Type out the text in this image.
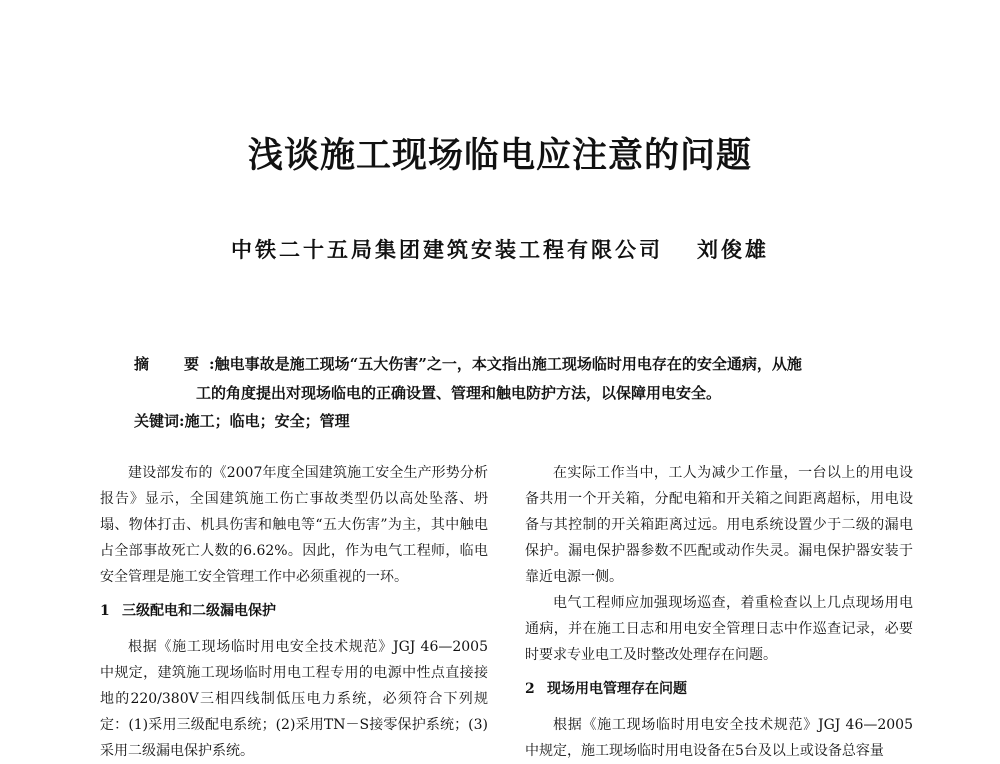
浅谈施工现场临电应注意的问题
中铁二十五局集团建筑安装工程有限公司 刘俊雄
摘　要:触电事故是施工现场“五大伤害”之一，本文指出施工现场临时用电存在的安全通病，从施
工的角度提出对现场临电的正确设置、管理和触电防护方法，以保障用电安全。
关键词:施工；临电；安全；管理

建设部发布的《2007年度全国建筑施工安全生产形势分析报告》显示，全国建筑施工伤亡事故类型仍以高处坠落、坍塌、物体打击、机具伤害和触电等“五大伤害”为主，其中触电占全部事故死亡人数的6.62%。因此，作为电气工程师，临电安全管理是施工安全管理工作中必须重视的一环。

1 三级配电和二级漏电保护

根据《施工现场临时用电安全技术规范》JGJ 46—2005中规定，建筑施工现场临时用电工程专用的电源中性点直接接地的220/380V三相四线制低压电力系统，必须符合下列规定：(1)采用三级配电系统；(2)采用TN－S接零保护系统；(3)采用二级漏电保护系统。

在实际工作当中，工人为减少工作量，一台以上的用电设备共用一个开关箱，分配电箱和开关箱之间距离超标，用电设备与其控制的开关箱距离过远。用电系统设置少于二级的漏电保护。漏电保护器参数不匹配或动作失灵。漏电保护器安装于靠近电源一侧。

电气工程师应加强现场巡查，着重检查以上几点现场用电通病，并在施工日志和用电安全管理日志中作巡查记录，必要时要求专业电工及时整改处理存在问题。

2 现场用电管理存在问题

根据《施工现场临时用电安全技术规范》JGJ 46—2005中规定，施工现场临时用电设备在5台及以上或设备总容量
